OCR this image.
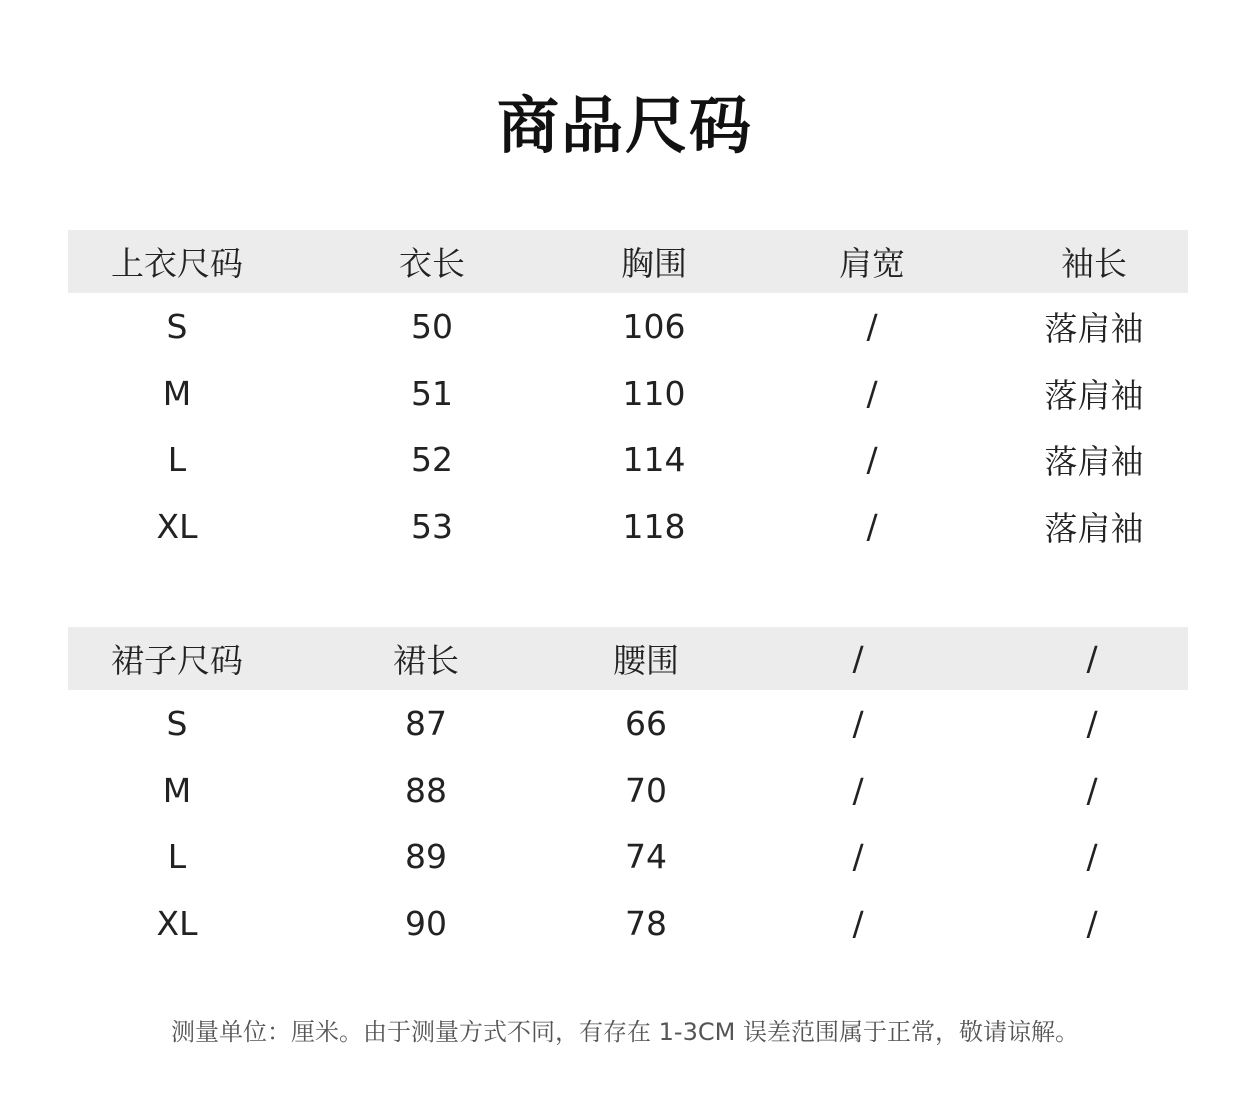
商品尺码
上衣尺码	衣长	胸围	肩宽	袖长
S	50	106	/	落肩袖
M	51	110	/	落肩袖
L	52	114	/	落肩袖
XL	53	118	/	落肩袖
裙子尺码	裙长	腰围	/	/
S	87	66	/	/
M	88	70	/	/
L	89	74	/	/
XL	90	78	/	/
测量单位：厘米。由于测量方式不同，有存在 1-3CM 误差范围属于正常，敬请谅解。
